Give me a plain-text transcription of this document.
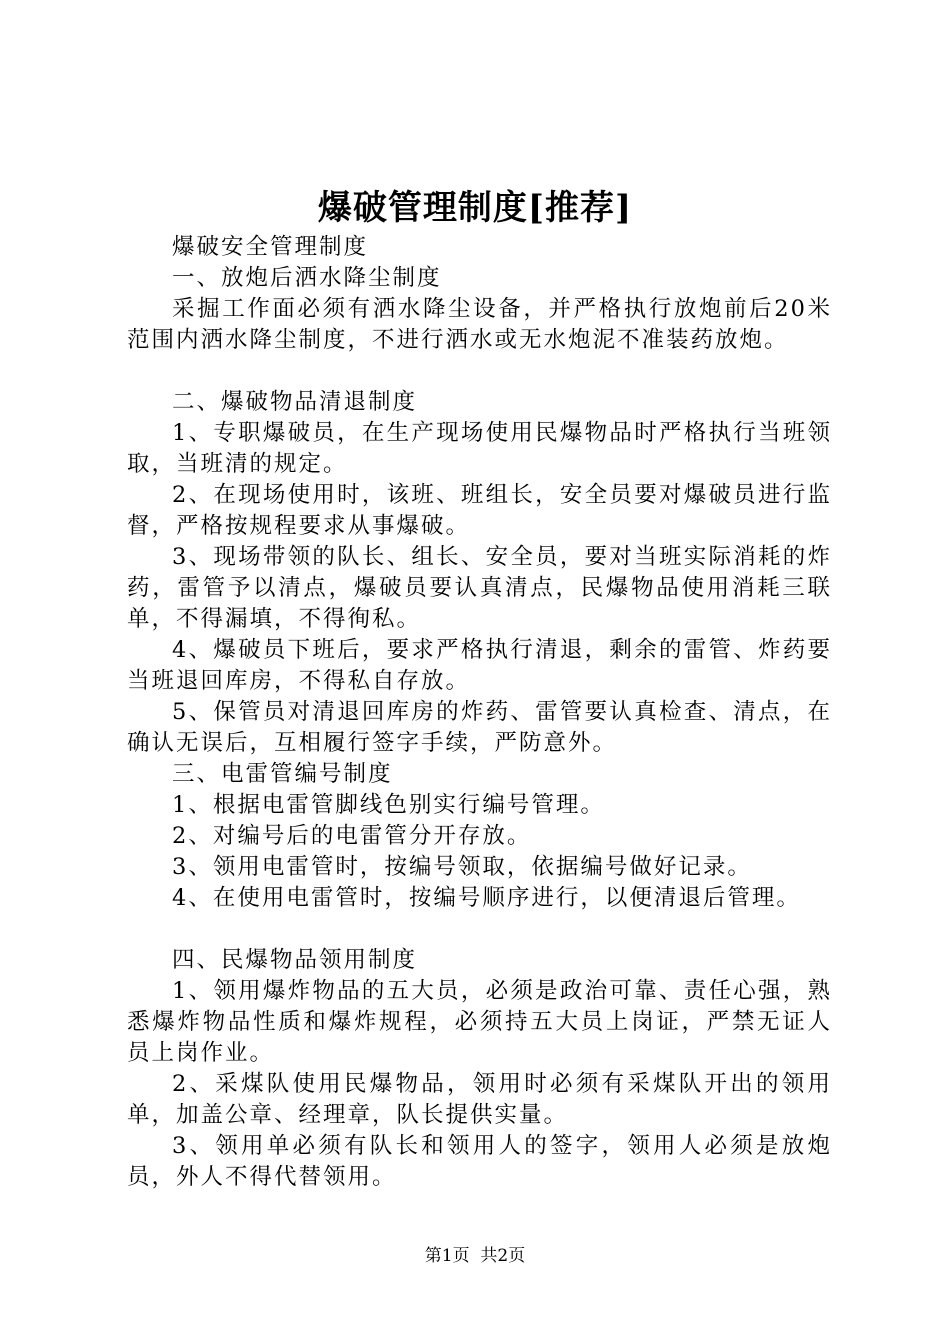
爆破管理制度[推荐]

爆破安全管理制度

一、放炮后洒水降尘制度

采掘工作面必须有洒水降尘设备，并严格执行放炮前后20米范围内洒水降尘制度，不进行洒水或无水炮泥不准装药放炮。

二、爆破物品清退制度

1、专职爆破员，在生产现场使用民爆物品时严格执行当班领取，当班清的规定。

2、在现场使用时，该班、班组长，安全员要对爆破员进行监督，严格按规程要求从事爆破。

3、现场带领的队长、组长、安全员，要对当班实际消耗的炸药，雷管予以清点，爆破员要认真清点，民爆物品使用消耗三联单，不得漏填，不得徇私。

4、爆破员下班后，要求严格执行清退，剩余的雷管、炸药要当班退回库房，不得私自存放。

5、保管员对清退回库房的炸药、雷管要认真检查、清点，在确认无误后，互相履行签字手续，严防意外。

三、电雷管编号制度

1、根据电雷管脚线色别实行编号管理。

2、对编号后的电雷管分开存放。

3、领用电雷管时，按编号领取，依据编号做好记录。

4、在使用电雷管时，按编号顺序进行，以便清退后管理。

四、民爆物品领用制度

1、领用爆炸物品的五大员，必须是政治可靠、责任心强，熟悉爆炸物品性质和爆炸规程，必须持五大员上岗证，严禁无证人员上岗作业。

2、采煤队使用民爆物品，领用时必须有采煤队开出的领用单，加盖公章、经理章，队长提供实量。

3、领用单必须有队长和领用人的签字，领用人必须是放炮员，外人不得代替领用。

第1页 共2页
